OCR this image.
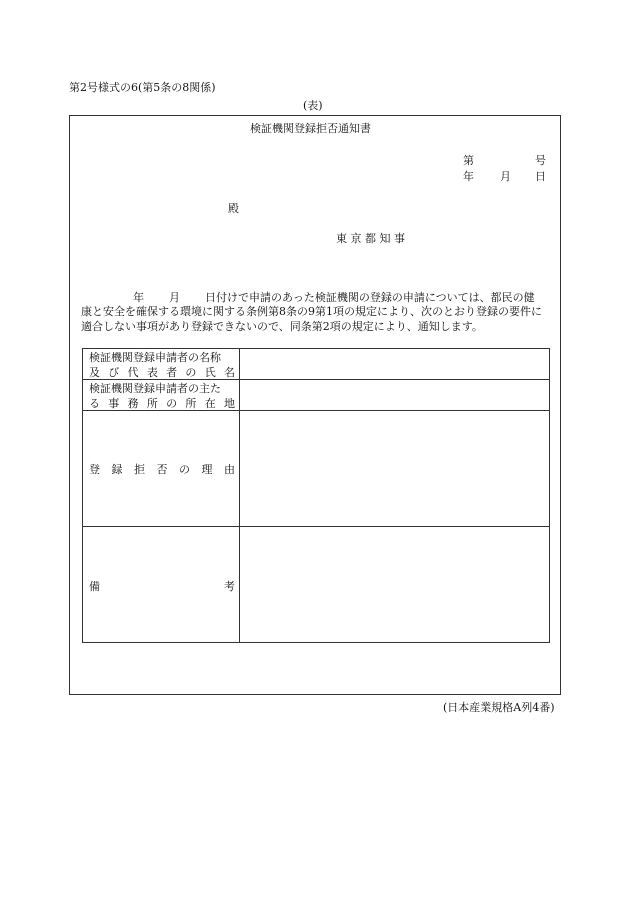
第2号様式の6(第5条の8関係)
(表)
検証機関登録拒否通知書
第	号
年 月 日
殿
東 京 都 知 事
年 月 日付けで申請のあった検証機関の登録の申請については、都民の健
康と安全を確保する環境に関する条例第8条の9第1項の規定により、次のとおり登録の要件に
適合しない事項があり登録できないので、同条第2項の規定により、通知します。
検証機関登録申請者の名称
及 び 代 表 者 の 氏 名
検証機関登録申請者の主た
る 事 務 所 の 所 在 地
登 録 拒 否 の 理 由
備	考
(日本産業規格A列4番)
